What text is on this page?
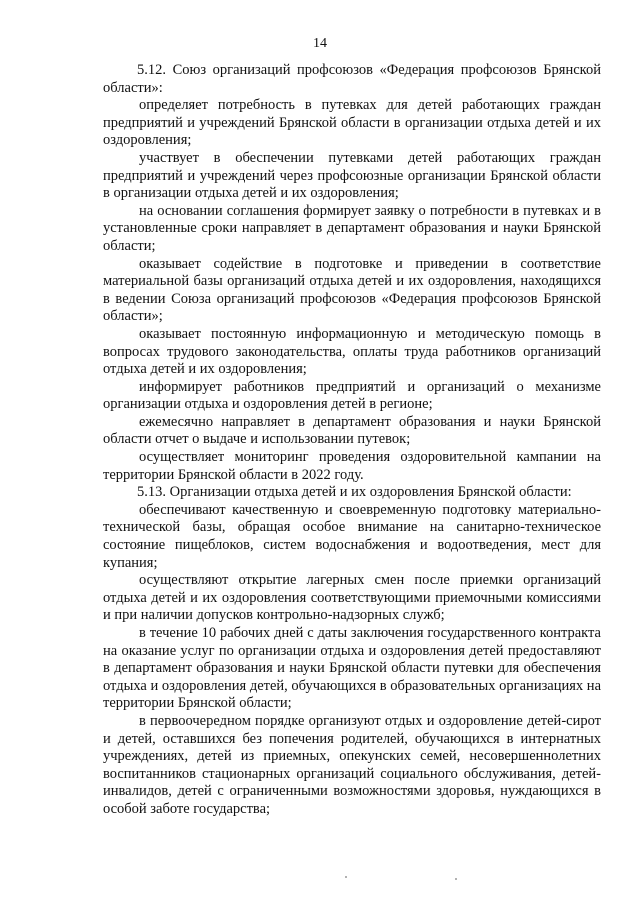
14

5.12. Союз организаций профсоюзов «Федерация профсоюзов Брянской области»:

определяет потребность в путевках для детей работающих граждан предприятий и учреждений Брянской области в организации отдыха детей и их оздоровления;

участвует в обеспечении путевками детей работающих граждан предприятий и учреждений через профсоюзные организации Брянской области в организации отдыха детей и их оздоровления;

на основании соглашения формирует заявку о потребности в путевках и в установленные сроки направляет в департамент образования и науки Брянской области;

оказывает содействие в подготовке и приведении в соответствие материальной базы организаций отдыха детей и их оздоровления, находящихся в ведении Союза организаций профсоюзов «Федерация профсоюзов Брянской области»;

оказывает постоянную информационную и методическую помощь в вопросах трудового законодательства, оплаты труда работников организаций отдыха детей и их оздоровления;

информирует работников предприятий и организаций о механизме организации отдыха и оздоровления детей в регионе;

ежемесячно направляет в департамент образования и науки Брянской области отчет о выдаче и использовании путевок;

осуществляет мониторинг проведения оздоровительной кампании на территории Брянской области в 2022 году.

5.13. Организации отдыха детей и их оздоровления Брянской области:

обеспечивают качественную и своевременную подготовку материально-технической базы, обращая особое внимание на санитарно-техническое состояние пищеблоков, систем водоснабжения и водоотведения, мест для купания;

осуществляют открытие лагерных смен после приемки организаций отдыха детей и их оздоровления соответствующими приемочными комиссиями и при наличии допусков контрольно-надзорных служб;

в течение 10 рабочих дней с даты заключения государственного контракта на оказание услуг по организации отдыха и оздоровления детей предоставляют в департамент образования и науки Брянской области путевки для обеспечения отдыха и оздоровления детей, обучающихся в образовательных организациях на территории Брянской области;

в первоочередном порядке организуют отдых и оздоровление детей-сирот и детей, оставшихся без попечения родителей, обучающихся в интернатных учреждениях, детей из приемных, опекунских семей, несовершеннолетних воспитанников стационарных организаций социального обслуживания, детей-инвалидов, детей с ограниченными возможностями здоровья, нуждающихся в особой заботе государства;
